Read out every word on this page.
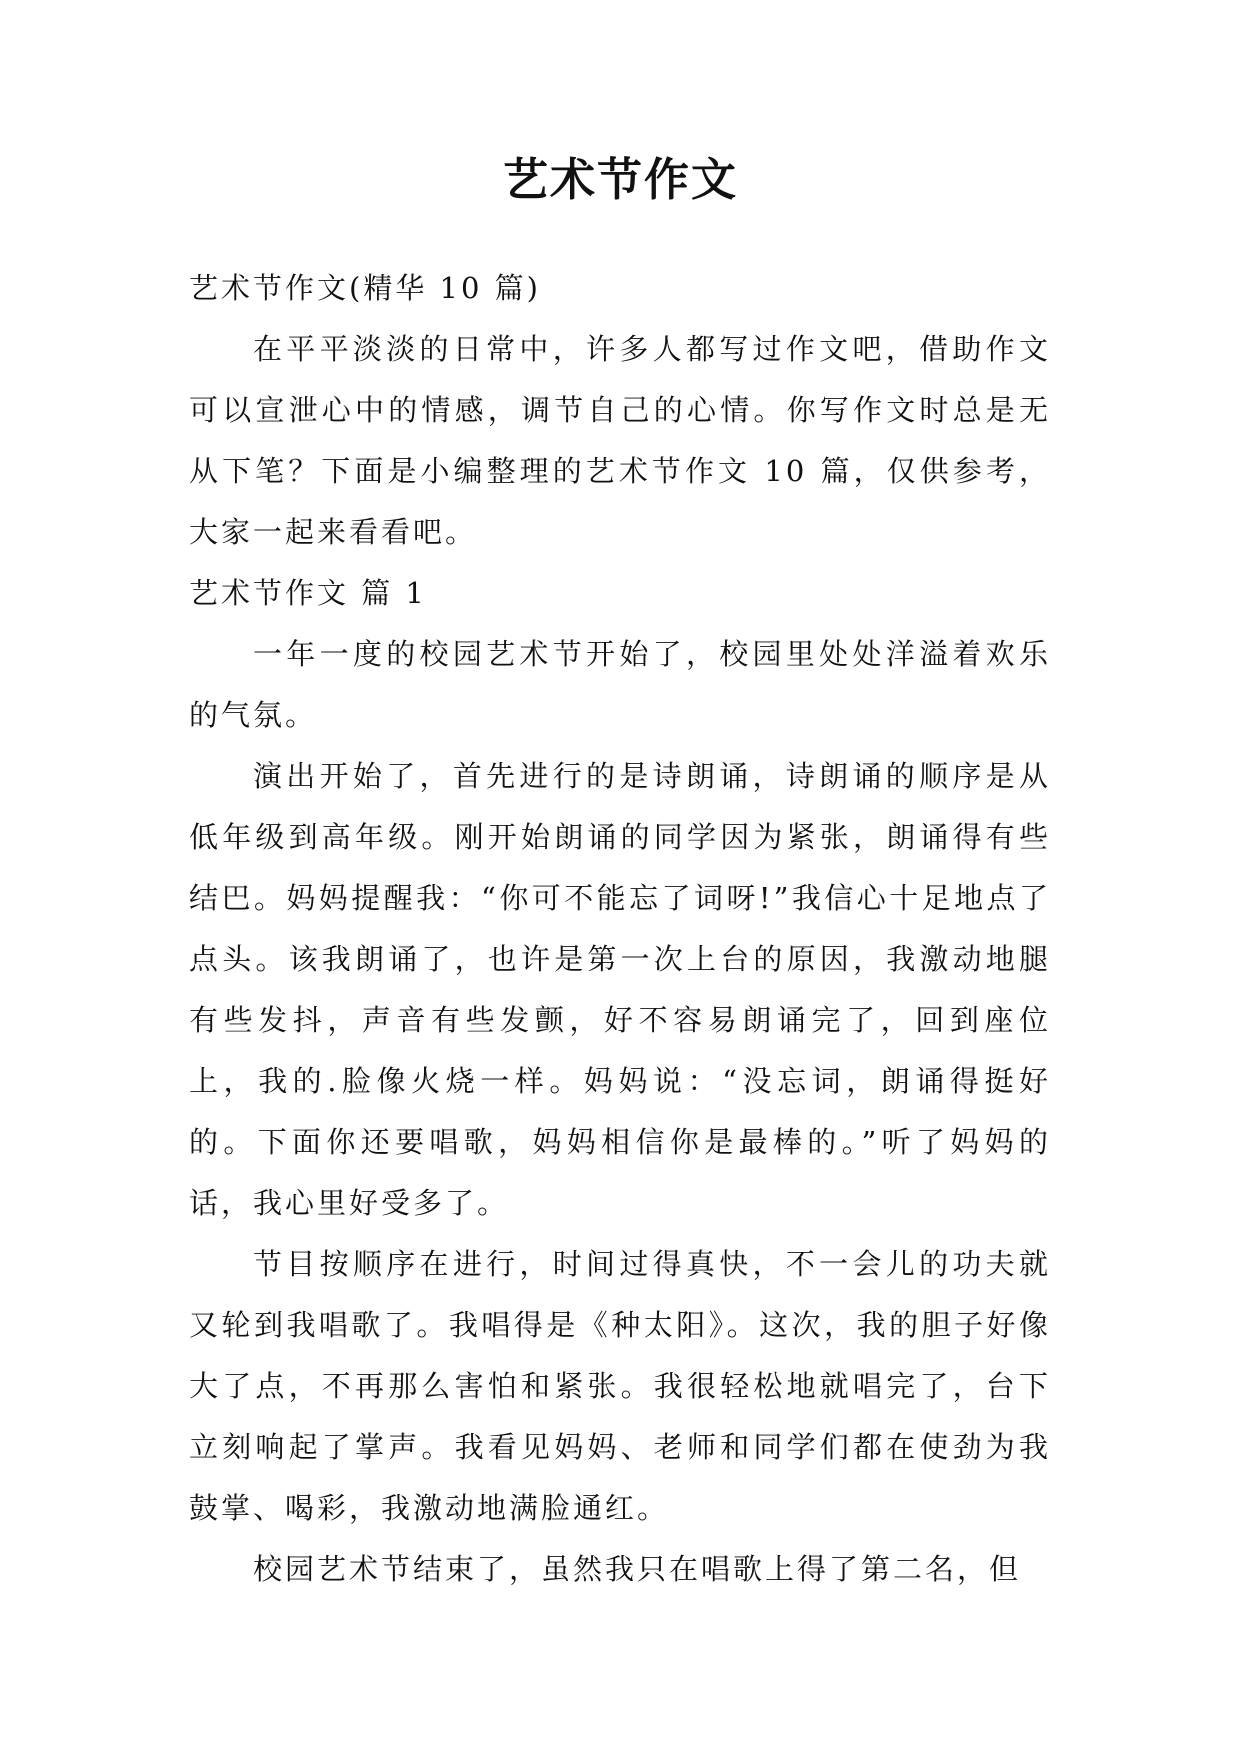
艺术节作文

艺术节作文(精华 10 篇)

在平平淡淡的日常中，许多人都写过作文吧，借助作文可以宣泄心中的情感，调节自己的心情。你写作文时总是无从下笔？下面是小编整理的艺术节作文 10 篇，仅供参考，大家一起来看看吧。

艺术节作文 篇 1

一年一度的校园艺术节开始了，校园里处处洋溢着欢乐的气氛。

演出开始了，首先进行的是诗朗诵，诗朗诵的顺序是从低年级到高年级。刚开始朗诵的同学因为紧张，朗诵得有些结巴。妈妈提醒我：“你可不能忘了词呀!”我信心十足地点了点头。该我朗诵了，也许是第一次上台的原因，我激动地腿有些发抖，声音有些发颤，好不容易朗诵完了，回到座位上，我的.脸像火烧一样。妈妈说：“没忘词，朗诵得挺好的。下面你还要唱歌，妈妈相信你是最棒的。”听了妈妈的话，我心里好受多了。

节目按顺序在进行，时间过得真快，不一会儿的功夫就又轮到我唱歌了。我唱得是《种太阳》。这次，我的胆子好像大了点，不再那么害怕和紧张。我很轻松地就唱完了，台下立刻响起了掌声。我看见妈妈、老师和同学们都在使劲为我鼓掌、喝彩，我激动地满脸通红。

校园艺术节结束了，虽然我只在唱歌上得了第二名，但
